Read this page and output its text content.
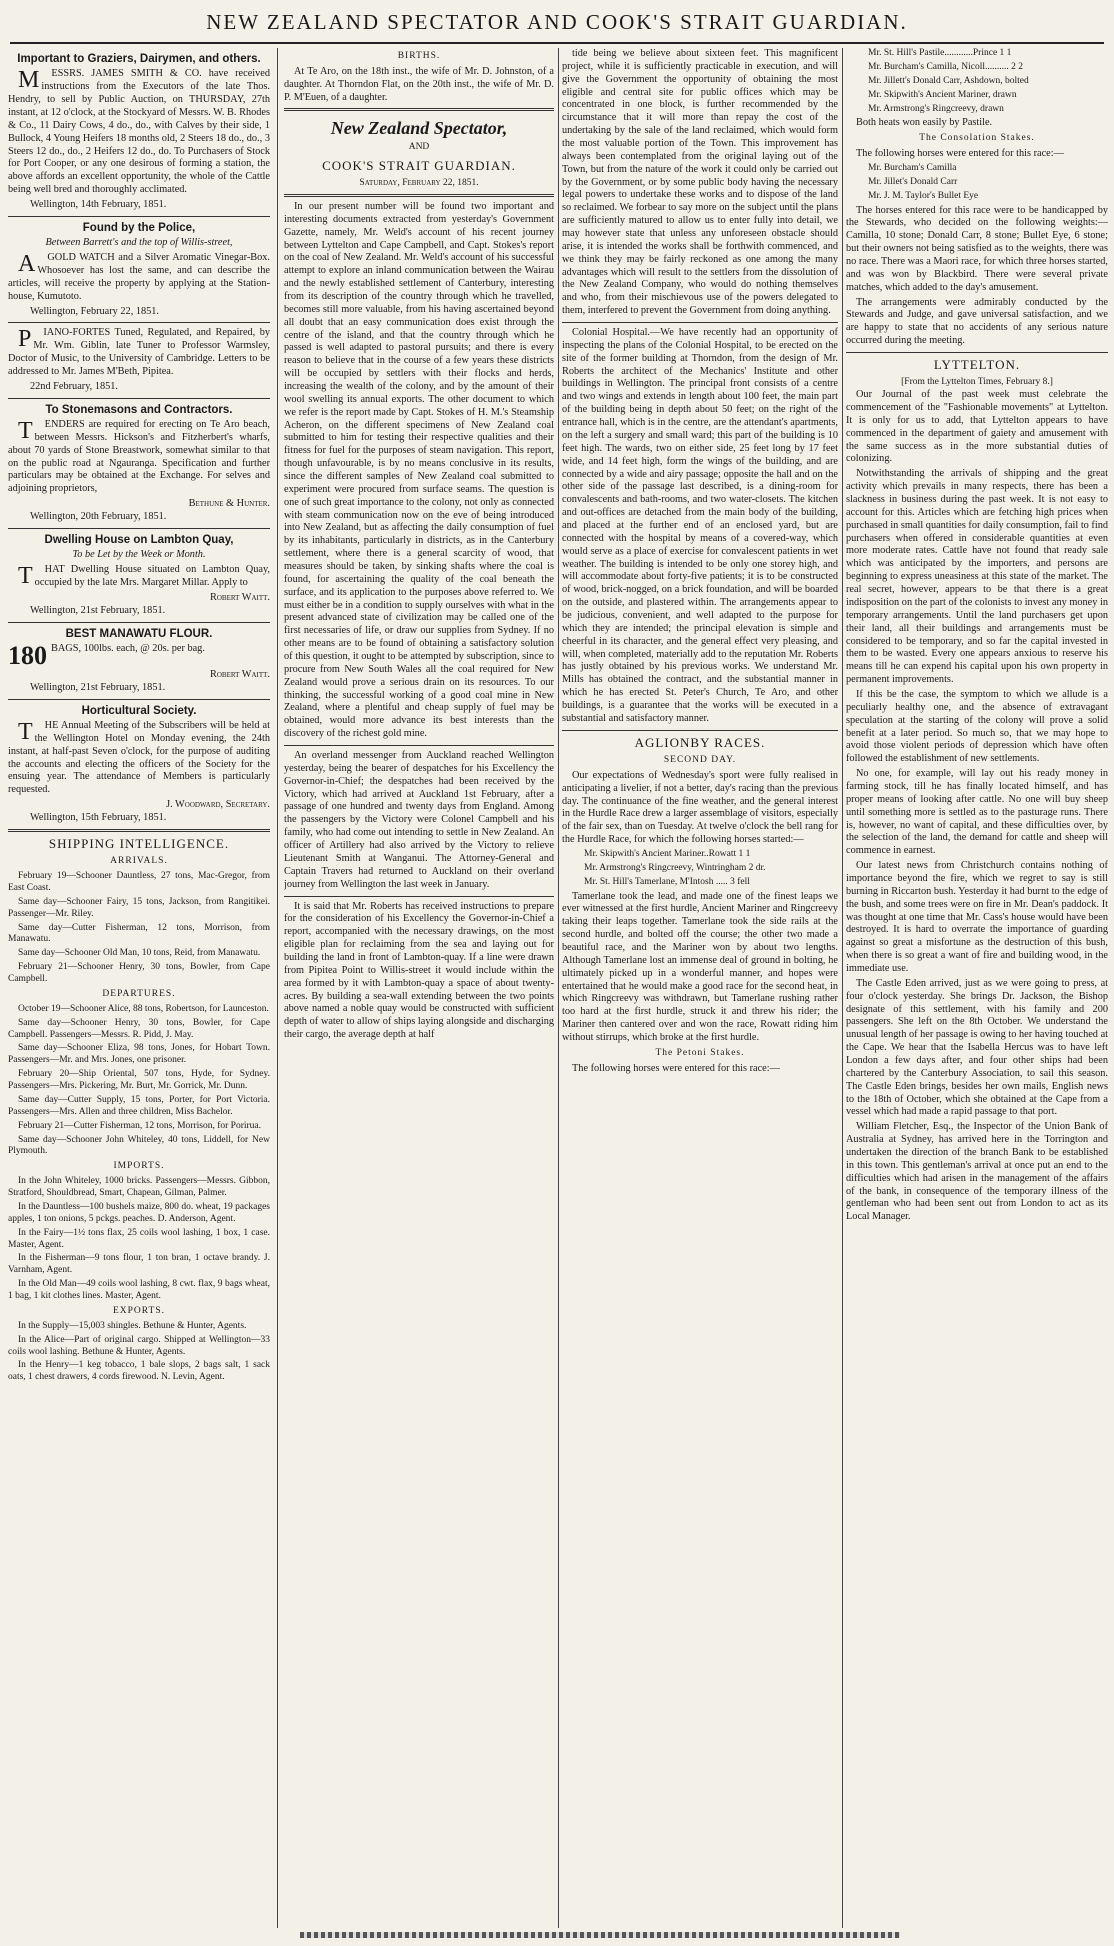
NEW ZEALAND SPECTATOR AND COOK'S STRAIT GUARDIAN.
Important to Graziers, Dairymen, and others.

MESSRS. JAMES SMITH & CO. have received instructions from the Executors of the late Thos. Hendry, to sell by Public Auction, on THURSDAY, 27th instant, at 12 o'clock, at the Stockyard of Messrs. W. B. Rhodes & Co., 11 Dairy Cows, 4 do., do., with Calves by their side, 1 Bullock, 4 Young Heifers 18 months old, 2 Steers 18 do., do., 3 Steers 12 do., do., 2 Heifers 12 do., do. To Purchasers of Stock for Port Cooper, or any one desirous of forming a station, the above affords an excellent opportunity, the whole of the Cattle being well bred and thoroughly acclimated.

Wellington, 14th February, 1851.

Found by the Police,
Between Barrett's and the top of Willis-street,

AGOLD WATCH and a Silver Aromatic Vinegar-Box. Whosoever has lost the same, and can describe the articles, will receive the property by applying at the Station-house, Kumutoto.

Wellington, February 22, 1851.

PIANO-FORTES Tuned, Regulated, and Repaired, by Mr. Wm. Giblin, late Tuner to Professor Warmsley, Doctor of Music, to the University of Cambridge. Letters to be addressed to Mr. James M'Beth, Pipitea.

22nd February, 1851.

To Stonemasons and Contractors.

TENDERS are required for erecting on Te Aro beach, between Messrs. Hickson's and Fitzherbert's wharfs, about 70 yards of Stone Breastwork, somewhat similar to that on the public road at Ngauranga. Specification and further particulars may be obtained at the Exchange. For selves and adjoining proprietors,

Bethune & Hunter.

Wellington, 20th February, 1851.

Dwelling House on Lambton Quay,
To be Let by the Week or Month.

THAT Dwelling House situated on Lambton Quay, occupied by the late Mrs. Margaret Millar. Apply to

Robert Waitt.

Wellington, 21st February, 1851.

BEST MANAWATU FLOUR.
180 BAGS, 100lbs. each, @ 20s. per bag.

Robert Waitt.

Wellington, 21st February, 1851.

Horticultural Society.

THE Annual Meeting of the Subscribers will be held at the Wellington Hotel on Monday evening, the 24th instant, at half-past Seven o'clock, for the purpose of auditing the accounts and electing the officers of the Society for the ensuing year. The attendance of Members is particularly requested.

J. Woodward, Secretary.

Wellington, 15th February, 1851.

SHIPPING INTELLIGENCE.
ARRIVALS.

February 19—Schooner Dauntless, 27 tons, Mac-Gregor, from East Coast.

Same day—Schooner Fairy, 15 tons, Jackson, from Rangitikei. Passenger—Mr. Riley.

Same day—Cutter Fisherman, 12 tons, Morrison, from Manawatu.

Same day—Schooner Old Man, 10 tons, Reid, from Manawatu.

February 21—Schooner Henry, 30 tons, Bowler, from Cape Campbell.

DEPARTURES.

October 19—Schooner Alice, 88 tons, Robertson, for Launceston.

Same day—Schooner Henry, 30 tons, Bowler, for Cape Campbell. Passengers—Messrs. R. Pidd, J. May.

Same day—Schooner Eliza, 98 tons, Jones, for Hobart Town. Passengers—Mr. and Mrs. Jones, one prisoner.

February 20—Ship Oriental, 507 tons, Hyde, for Sydney. Passengers—Mrs. Pickering, Mr. Burt, Mr. Gorrick, Mr. Dunn.

Same day—Cutter Supply, 15 tons, Porter, for Port Victoria. Passengers—Mrs. Allen and three children, Miss Bachelor.

February 21—Cutter Fisherman, 12 tons, Morrison, for Porirua.

Same day—Schooner John Whiteley, 40 tons, Liddell, for New Plymouth.

IMPORTS.

In the John Whiteley, 1000 bricks. Passengers—Messrs. Gibbon, Stratford, Shouldbread, Smart, Chapean, Gilman, Palmer.

In the Dauntless—100 bushels maize, 800 do. wheat, 19 packages apples, 1 ton onions, 5 pckgs. peaches. D. Anderson, Agent.

In the Fairy—1½ tons flax, 25 coils wool lashing, 1 box, 1 case. Master, Agent.

In the Fisherman—9 tons flour, 1 ton bran, 1 octave brandy. J. Varnham, Agent.

In the Old Man—49 coils wool lashing, 8 cwt. flax, 9 bags wheat, 1 bag, 1 kit clothes lines. Master, Agent.

EXPORTS.

In the Supply—15,003 shingles. Bethune & Hunter, Agents.

In the Alice—Part of original cargo. Shipped at Wellington—33 coils wool lashing. Bethune & Hunter, Agents.

In the Henry—1 keg tobacco, 1 bale slops, 2 bags salt, 1 sack oats, 1 chest drawers, 4 cords firewood. N. Levin, Agent.

BIRTHS.

At Te Aro, on the 18th inst., the wife of Mr. D. Johnston, of a daughter. At Thorndon Flat, on the 20th inst., the wife of Mr. D. P. M'Euen, of a daughter.

New Zealand Spectator,
AND
COOK'S STRAIT GUARDIAN.
Saturday, February 22, 1851.

In our present number will be found two important and interesting documents extracted from yesterday's Government Gazette, namely, Mr. Weld's account of his recent journey between Lyttelton and Cape Campbell, and Capt. Stokes's report on the coal of New Zealand. Mr. Weld's account of his successful attempt to explore an inland communication between the Wairau and the newly established settlement of Canterbury, interesting from its description of the country through which he travelled, becomes still more valuable, from his having ascertained beyond all doubt that an easy communication does exist through the centre of the island, and that the country through which he passed is well adapted to pastoral pursuits; and there is every reason to believe that in the course of a few years these districts will be occupied by settlers with their flocks and herds, increasing the wealth of the colony, and by the amount of their wool swelling its annual exports. The other document to which we refer is the report made by Capt. Stokes of H. M.'s Steamship Acheron, on the different specimens of New Zealand coal submitted to him for testing their respective qualities and their fitness for fuel for the purposes of steam navigation. This report, though unfavourable, is by no means conclusive in its results, since the different samples of New Zealand coal submitted to experiment were procured from surface seams. The question is one of such great importance to the colony, not only as connected with steam communication now on the eve of being introduced into New Zealand, but as affecting the daily consumption of fuel by its inhabitants, particularly in districts, as in the Canterbury settlement, where there is a general scarcity of wood, that measures should be taken, by sinking shafts where the coal is found, for ascertaining the quality of the coal beneath the surface, and its application to the purposes above referred to. We must either be in a condition to supply ourselves with what in the present advanced state of civilization may be called one of the first necessaries of life, or draw our supplies from Sydney. If no other means are to be found of obtaining a satisfactory solution of this question, it ought to be attempted by subscription, since to procure from New South Wales all the coal required for New Zealand would prove a serious drain on its resources. To our thinking, the successful working of a good coal mine in New Zealand, where a plentiful and cheap supply of fuel may be obtained, would more advance its best interests than the discovery of the richest gold mine.

An overland messenger from Auckland reached Wellington yesterday, being the bearer of despatches for his Excellency the Governor-in-Chief; the despatches had been received by the Victory, which had arrived at Auckland 1st February, after a passage of one hundred and twenty days from England. Among the passengers by the Victory were Colonel Campbell and his family, who had come out intending to settle in New Zealand. An officer of Artillery had also arrived by the Victory to relieve Lieutenant Smith at Wanganui. The Attorney-General and Captain Travers had returned to Auckland on their overland journey from Wellington the last week in January.

It is said that Mr. Roberts has received instructions to prepare for the consideration of his Excellency the Governor-in-Chief a report, accompanied with the necessary drawings, on the most eligible plan for reclaiming from the sea and laying out for building the land in front of Lambton-quay. If a line were drawn from Pipitea Point to Willis-street it would include within the area formed by it with Lambton-quay a space of about twenty-acres. By building a sea-wall extending between the two points above named a noble quay would be constructed with sufficient depth of water to allow of ships laying alongside and discharging their cargo, the average depth at half

tide being we believe about sixteen feet. This magnificent project, while it is sufficiently practicable in execution, and will give the Government the opportunity of obtaining the most eligible and central site for public offices which may be concentrated in one block, is further recommended by the circumstance that it will more than repay the cost of the undertaking by the sale of the land reclaimed, which would form the most valuable portion of the Town. This improvement has always been contemplated from the original laying out of the Town, but from the nature of the work it could only be carried out by the Government, or by some public body having the necessary legal powers to undertake these works and to dispose of the land so reclaimed. We forbear to say more on the subject until the plans are sufficiently matured to allow us to enter fully into detail, we may however state that unless any unforeseen obstacle should arise, it is intended the works shall be forthwith commenced, and we think they may be fairly reckoned as one among the many advantages which will result to the settlers from the dissolution of the New Zealand Company, who would do nothing themselves and who, from their mischievous use of the powers delegated to them, interfered to prevent the Government from doing anything.

Colonial Hospital.—We have recently had an opportunity of inspecting the plans of the Colonial Hospital, to be erected on the site of the former building at Thorndon, from the design of Mr. Roberts the architect of the Mechanics' Institute and other buildings in Wellington. The principal front consists of a centre and two wings and extends in length about 100 feet, the main part of the building being in depth about 50 feet; on the right of the entrance hall, which is in the centre, are the attendant's apartments, on the left a surgery and small ward; this part of the building is 10 feet high. The wards, two on either side, 25 feet long by 17 feet wide, and 14 feet high, form the wings of the building, and are connected by a wide and airy passage; opposite the hall and on the other side of the passage last described, is a dining-room for convalescents and bath-rooms, and two water-closets. The kitchen and out-offices are detached from the main body of the building, and placed at the further end of an enclosed yard, but are connected with the hospital by means of a covered-way, which would serve as a place of exercise for convalescent patients in wet weather. The building is intended to be only one storey high, and will accommodate about forty-five patients; it is to be constructed of wood, brick-nogged, on a brick foundation, and will be boarded on the outside, and plastered within. The arrangements appear to be judicious, convenient, and well adapted to the purpose for which they are intended; the principal elevation is simple and cheerful in its character, and the general effect very pleasing, and will, when completed, materially add to the reputation Mr. Roberts has justly obtained by his previous works. We understand Mr. Mills has obtained the contract, and the substantial manner in which he has erected St. Peter's Church, Te Aro, and other buildings, is a guarantee that the works will be executed in a substantial and satisfactory manner.

AGLIONBY RACES.
SECOND DAY.

Our expectations of Wednesday's sport were fully realised in anticipating a livelier, if not a better, day's racing than the previous day. The continuance of the fine weather, and the general interest in the Hurdle Race drew a larger assemblage of visitors, especially of the fair sex, than on Tuesday. At twelve o'clock the bell rang for the Hurdle Race, for which the following horses started:—

Mr. Skipwith's Ancient Mariner..Rowatt 1 1

Mr. Armstrong's Ringcreevy, Wintringham 2 dr.

Mr. St. Hill's Tamerlane, M'Intosh ..... 3 fell

Tamerlane took the lead, and made one of the finest leaps we ever witnessed at the first hurdle, Ancient Mariner and Ringcreevy taking their leaps together. Tamerlane took the side rails at the second hurdle, and bolted off the course; the other two made a beautiful race, and the Mariner won by about two lengths. Although Tamerlane lost an immense deal of ground in bolting, he ultimately picked up in a wonderful manner, and hopes were entertained that he would make a good race for the second heat, in which Ringcreevy was withdrawn, but Tamerlane rushing rather too hard at the first hurdle, struck it and threw his rider; the Mariner then cantered over and won the race, Rowatt riding him without stirrups, which broke at the first hurdle.

The Petoni Stakes.

The following horses were entered for this race:—

Mr. St. Hill's Pastile............Prince 1 1

Mr. Burcham's Camilla, Nicoll.......... 2 2

Mr. Jillett's Donald Carr, Ashdown, bolted

Mr. Skipwith's Ancient Mariner, drawn

Mr. Armstrong's Ringcreevy, drawn

Both heats won easily by Pastile.

The Consolation Stakes.

The following horses were entered for this race:—

Mr. Burcham's Camilla

Mr. Jillet's Donald Carr

Mr. J. M. Taylor's Bullet Eye

The horses entered for this race were to be handicapped by the Stewards, who decided on the following weights:—Camilla, 10 stone; Donald Carr, 8 stone; Bullet Eye, 6 stone; but their owners not being satisfied as to the weights, there was no race. There was a Maori race, for which three horses started, and was won by Blackbird. There were several private matches, which added to the day's amusement.

The arrangements were admirably conducted by the Stewards and Judge, and gave universal satisfaction, and we are happy to state that no accidents of any serious nature occurred during the meeting.

LYTTELTON.
[From the Lyttelton Times, February 8.]

Our Journal of the past week must celebrate the commencement of the "Fashionable movements" at Lyttelton. It is only for us to add, that Lyttelton appears to have commenced in the department of gaiety and amusement with the same success as in the more substantial duties of colonizing.

Notwithstanding the arrivals of shipping and the great activity which prevails in many respects, there has been a slackness in business during the past week. It is not easy to account for this. Articles which are fetching high prices when purchased in small quantities for daily consumption, fail to find purchasers when offered in considerable quantities at even more moderate rates. Cattle have not found that ready sale which was anticipated by the importers, and persons are beginning to express uneasiness at this state of the market. The real secret, however, appears to be that there is a great indisposition on the part of the colonists to invest any money in temporary arrangements. Until the land purchasers get upon their land, all their buildings and arrangements must be considered to be temporary, and so far the capital invested in them to be wasted. Every one appears anxious to reserve his means till he can expend his capital upon his own property in permanent improvements.

If this be the case, the symptom to which we allude is a peculiarly healthy one, and the absence of extravagant speculation at the starting of the colony will prove a solid benefit at a later period. So much so, that we may hope to avoid those violent periods of depression which have often followed the establishment of new settlements.

No one, for example, will lay out his ready money in farming stock, till he has finally located himself, and has proper means of looking after cattle. No one will buy sheep until something more is settled as to the pasturage runs. There is, however, no want of capital, and these difficulties over, by the selection of the land, the demand for cattle and sheep will commence in earnest.

Our latest news from Christchurch contains nothing of importance beyond the fire, which we regret to say is still burning in Riccarton bush. Yesterday it had burnt to the edge of the bush, and some trees were on fire in Mr. Dean's paddock. It was thought at one time that Mr. Cass's house would have been destroyed. It is hard to overrate the importance of guarding against so great a misfortune as the destruction of this bush, when there is so great a want of fire and building wood, in the immediate use.

The Castle Eden arrived, just as we were going to press, at four o'clock yesterday. She brings Dr. Jackson, the Bishop designate of this settlement, with his family and 200 passengers. She left on the 8th October. We understand the unusual length of her passage is owing to her having touched at the Cape. We hear that the Isabella Hercus was to have left London a few days after, and four other ships had been chartered by the Canterbury Association, to sail this season. The Castle Eden brings, besides her own mails, English news to the 18th of October, which she obtained at the Cape from a vessel which had made a rapid passage to that port.

William Fletcher, Esq., the Inspector of the Union Bank of Australia at Sydney, has arrived here in the Torrington and undertaken the direction of the branch Bank to be established in this town. This gentleman's arrival at once put an end to the difficulties which had arisen in the management of the affairs of the bank, in consequence of the temporary illness of the gentleman who had been sent out from London to act as its Local Manager.
